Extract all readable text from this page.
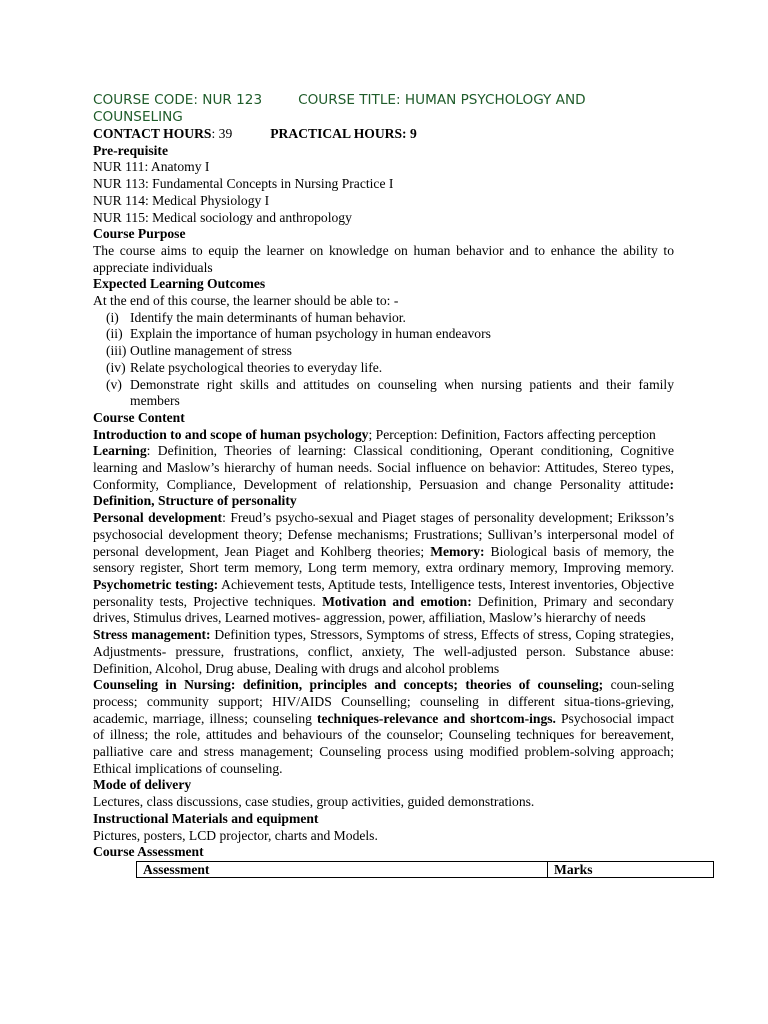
COURSE CODE: NUR 123	COURSE TITLE: HUMAN PSYCHOLOGY AND
COUNSELING
CONTACT HOURS: 39	PRACTICAL HOURS: 9
Pre-requisite
NUR 111: Anatomy I
NUR 113: Fundamental Concepts in Nursing Practice I
NUR 114: Medical Physiology I
NUR 115: Medical sociology and anthropology
Course Purpose

The course aims to equip the learner on knowledge on human behavior and to enhance the ability to appreciate individuals

Expected Learning Outcomes
At the end of this course, the learner should be able to: -
(i) Identify the main determinants of human behavior.
(ii) Explain the importance of human psychology in human endeavors
(iii) Outline management of stress
(iv) Relate psychological theories to everyday life.
(v) Demonstrate right skills and attitudes on counseling when nursing patients and their family members
Course Content

Introduction to and scope of human psychology; Perception: Definition, Factors affecting perception

Learning: Definition, Theories of learning: Classical conditioning, Operant conditioning, Cognitive learning and Maslow’s hierarchy of human needs. Social influence on behavior: Attitudes, Stereo types, Conformity, Compliance, Development of relationship, Persuasion and change Personality attitude: Definition, Structure of personality

Personal development: Freud’s psycho-sexual and Piaget stages of personality development; Eriksson’s psychosocial development theory; Defense mechanisms; Frustrations; Sullivan’s interpersonal model of personal development, Jean Piaget and Kohlberg theories; Memory: Biological basis of memory, the sensory register, Short term memory, Long term memory, extra ordinary memory, Improving memory. Psychometric testing: Achievement tests, Aptitude tests, Intelligence tests, Interest inventories, Objective personality tests, Projective techniques. Motivation and emotion: Definition, Primary and secondary drives, Stimulus drives, Learned motives- aggression, power, affiliation, Maslow’s hierarchy of needs

Stress management: Definition types, Stressors, Symptoms of stress, Effects of stress, Coping strategies, Adjustments- pressure, frustrations, conflict, anxiety, The well-adjusted person. Substance abuse: Definition, Alcohol, Drug abuse, Dealing with drugs and alcohol problems

Counseling in Nursing: definition, principles and concepts; theories of counseling; coun-seling process; community support; HIV/AIDS Counselling; counseling in different situa-tions-grieving, academic, marriage, illness; counseling techniques-relevance and shortcom-ings. Psychosocial impact of illness; the role, attitudes and behaviours of the counselor; Counseling techniques for bereavement, palliative care and stress management; Counseling process using modified problem-solving approach; Ethical implications of counseling.

Mode of delivery
Lectures, class discussions, case studies, group activities, guided demonstrations.
Instructional Materials and equipment
Pictures, posters, LCD projector, charts and Models.
Course Assessment
Assessment	Marks
